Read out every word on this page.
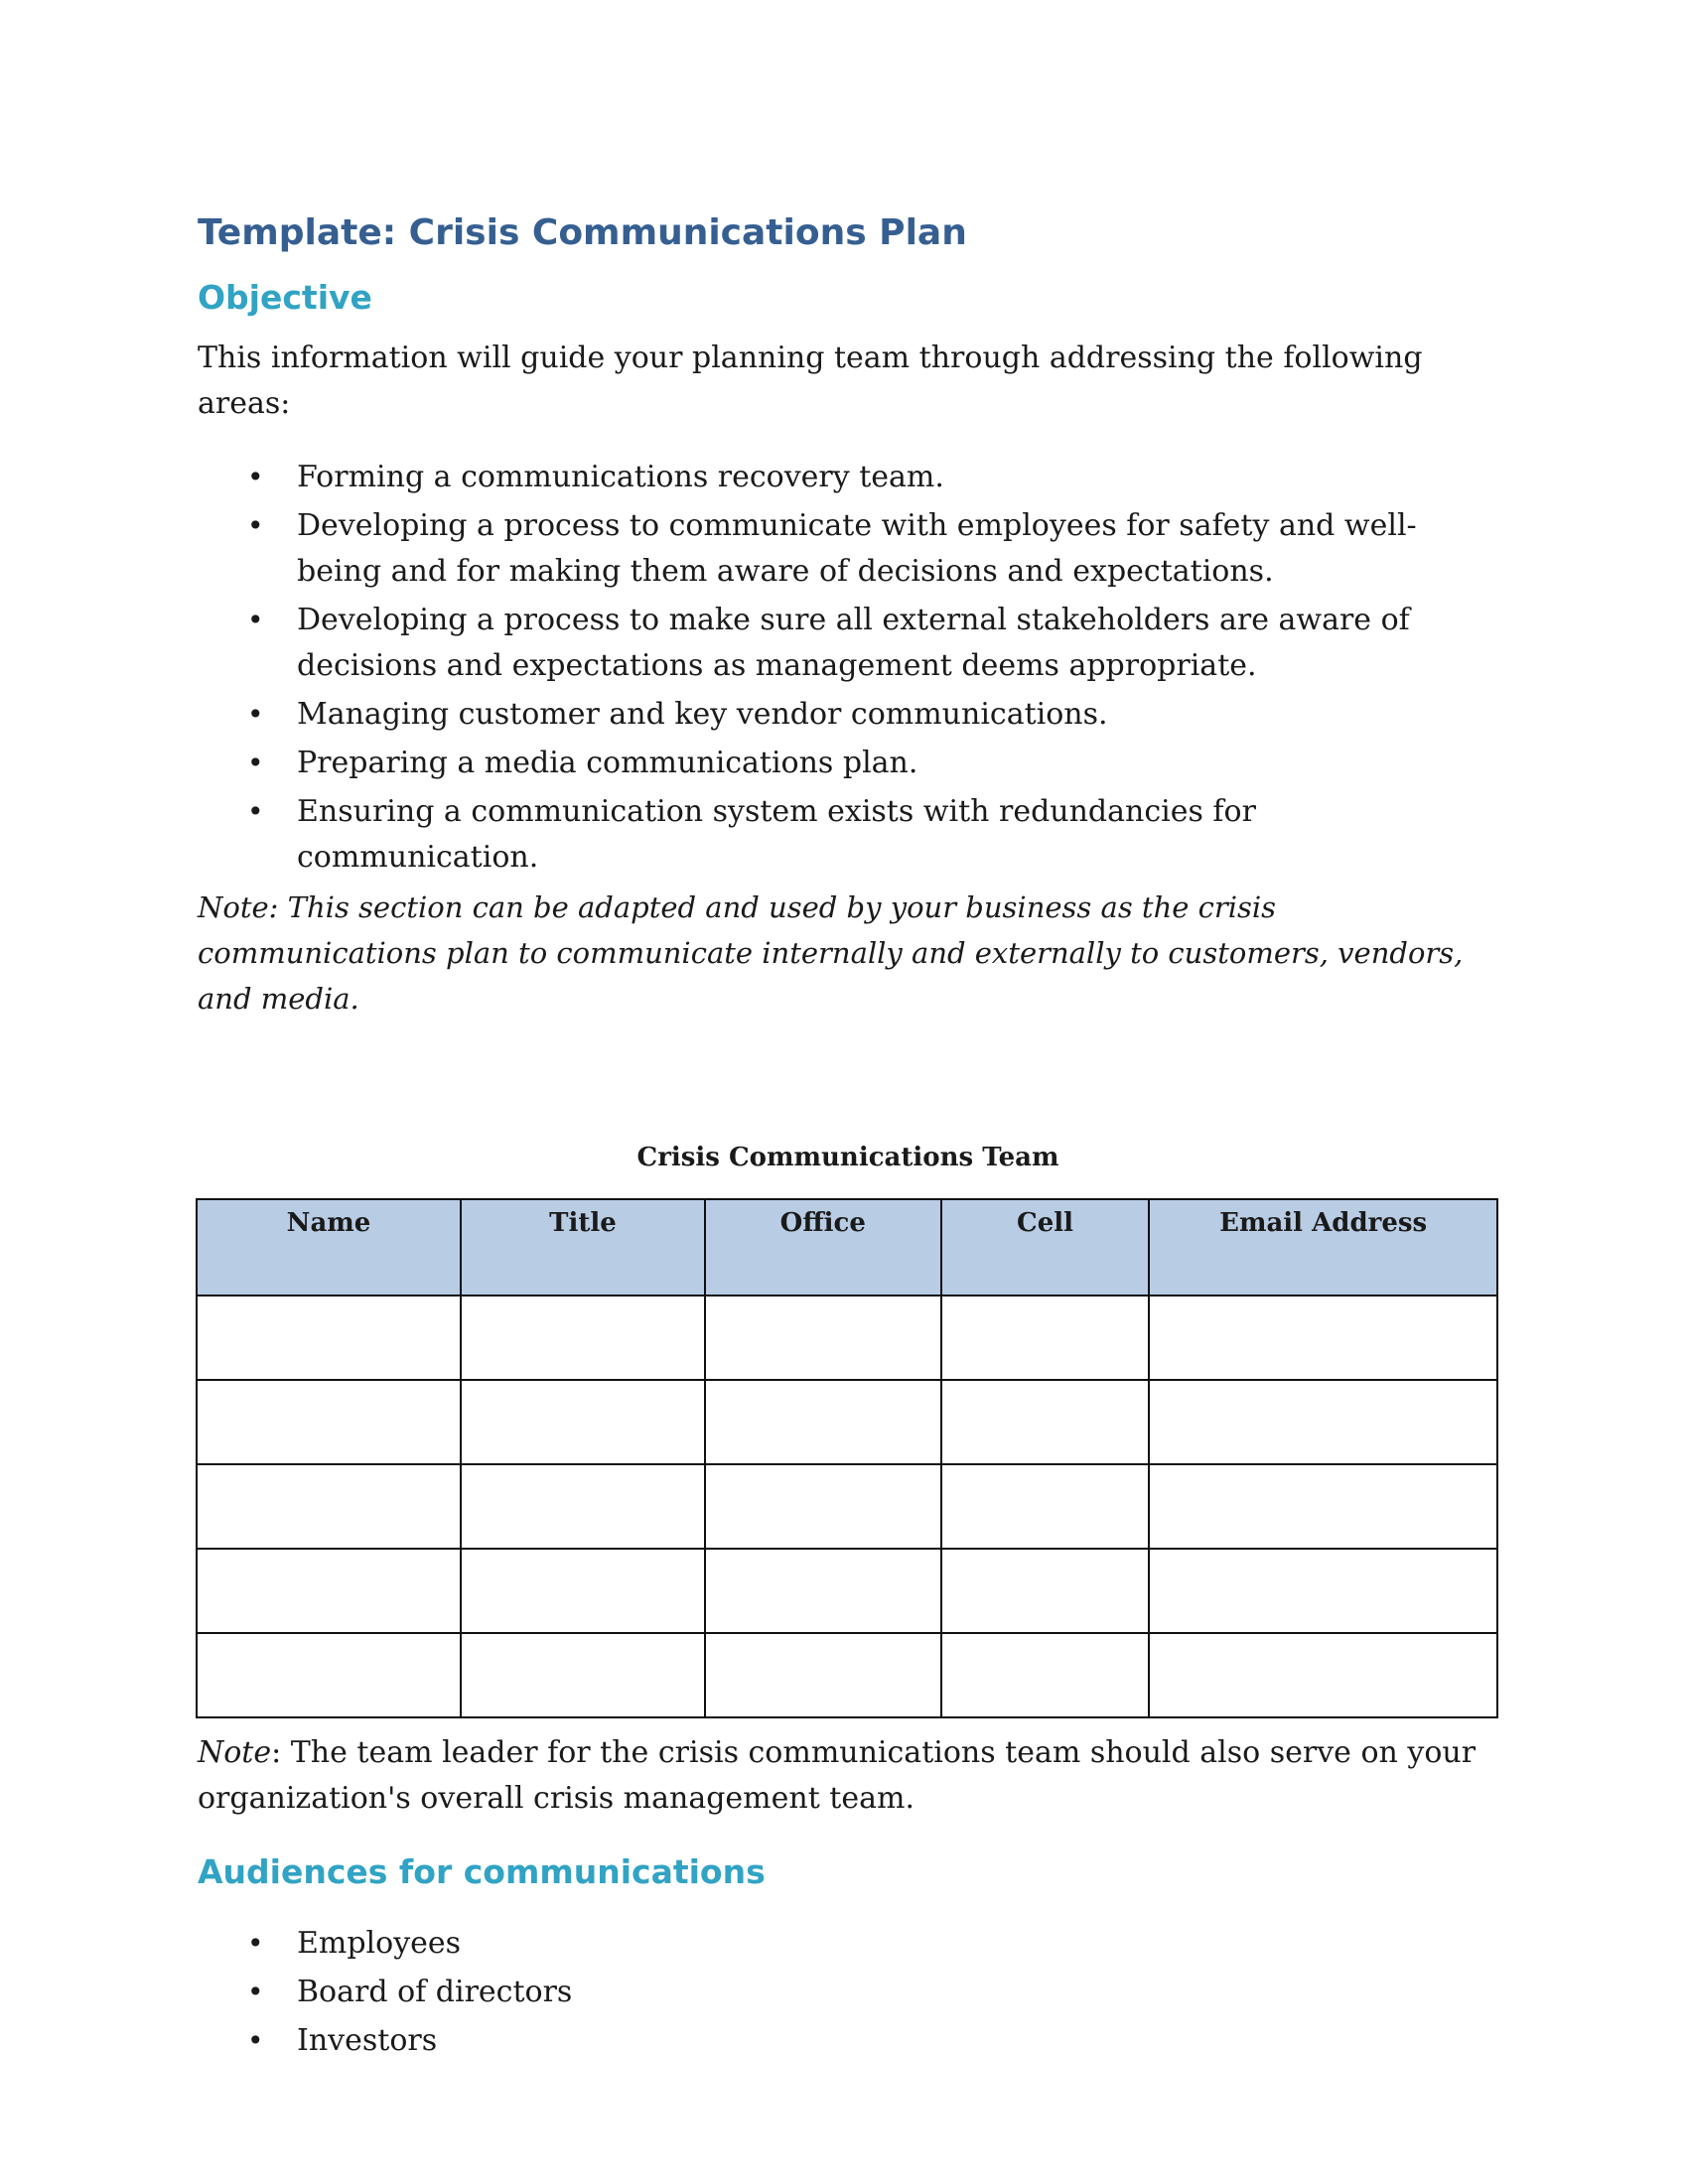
Template: Crisis Communications Plan
Objective

This information will guide your planning team through addressing the following areas:

• Forming a communications recovery team.
• Developing a process to communicate with employees for safety and well-being and for making them aware of decisions and expectations.
• Developing a process to make sure all external stakeholders are aware of decisions and expectations as management deems appropriate.
• Managing customer and key vendor communications.
• Preparing a media communications plan.
• Ensuring a communication system exists with redundancies for communication.

Note: This section can be adapted and used by your business as the crisis communications plan to communicate internally and externally to customers, vendors, and media.

Crisis Communications Team
Name	Title	Office	Cell	Email Address

Note: The team leader for the crisis communications team should also serve on your organization's overall crisis management team.

Audiences for communications
• Employees
• Board of directors
• Investors
